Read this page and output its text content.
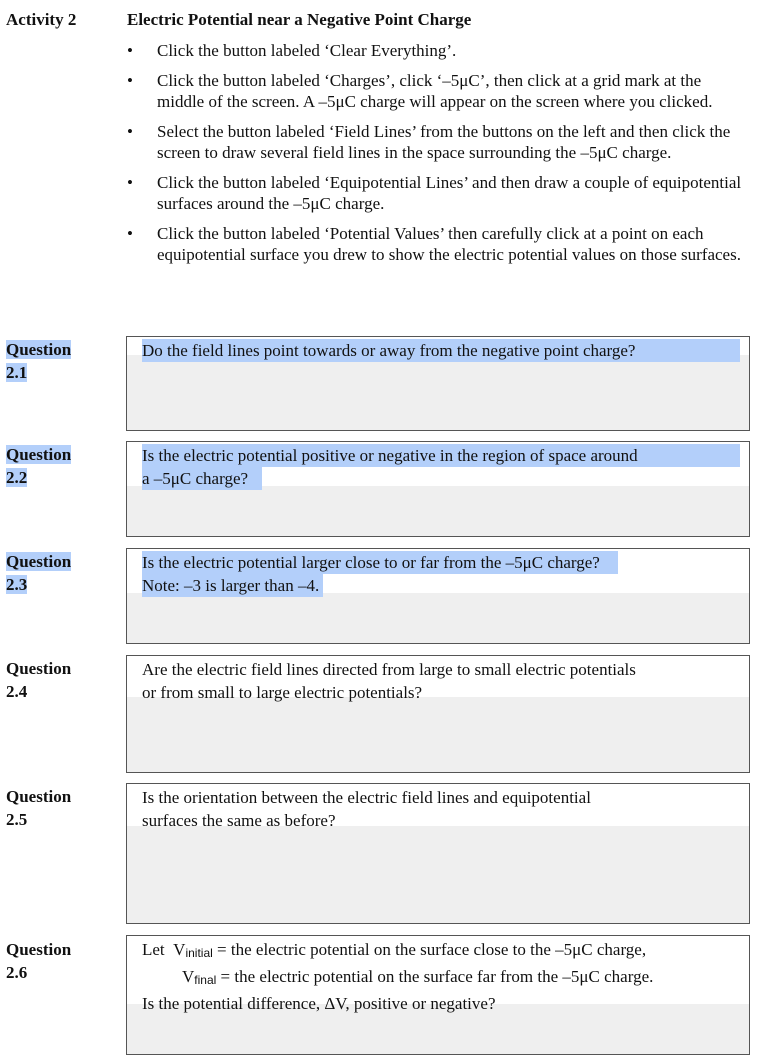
Activity 2	Electric Potential near a Negative Point Charge
• Click the button labeled ‘Clear Everything’.
• Click the button labeled ‘Charges’, click ‘–5μC’, then click at a grid mark at the middle of the screen. A –5μC charge will appear on the screen where you clicked.
• Select the button labeled ‘Field Lines’ from the buttons on the left and then click the screen to draw several field lines in the space surrounding the –5μC charge.
• Click the button labeled ‘Equipotential Lines’ and then draw a couple of equipotential surfaces around the –5μC charge.
• Click the button labeled ‘Potential Values’ then carefully click at a point on each equipotential surface you drew to show the electric potential values on those surfaces.
Question
2.1
Do the field lines point towards or away from the negative point charge?
Question
2.2
Is the electric potential positive or negative in the region of space around
a –5μC charge?
Question
2.3
Is the electric potential larger close to or far from the –5μC charge?
Note: –3 is larger than –4.
Question
2.4
Are the electric field lines directed from large to small electric potentials
or from small to large electric potentials?
Question
2.5
Is the orientation between the electric field lines and equipotential
surfaces the same as before?
Question
2.6
Let $V_{initial}$ = the electric potential on the surface close to the –5μC charge,
$V_{final}$ = the electric potential on the surface far from the –5μC charge.
Is the potential difference, ΔV, positive or negative?
